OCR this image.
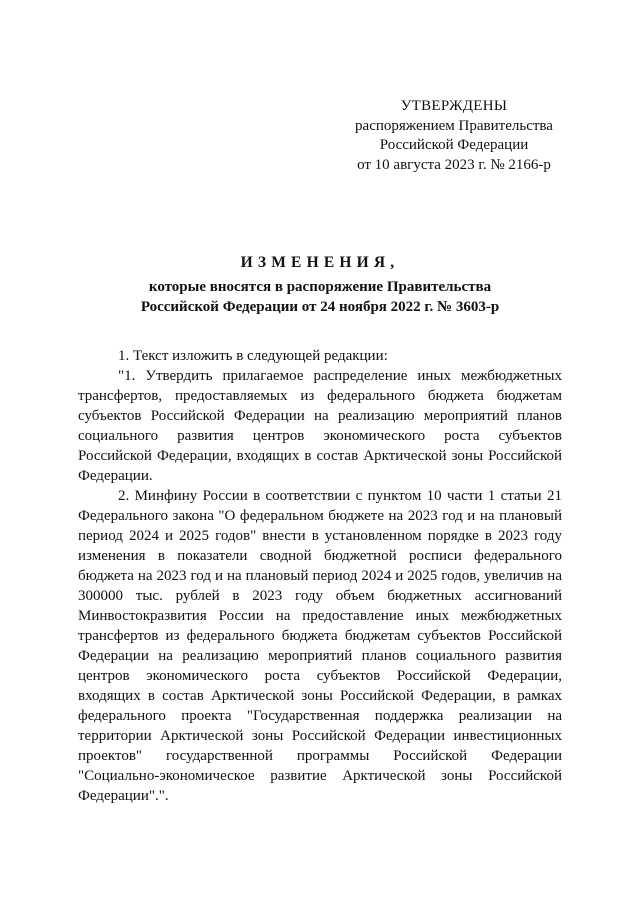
УТВЕРЖДЕНЫ
распоряжением Правительства
Российской Федерации
от 10 августа 2023 г. № 2166-р
ИЗМЕНЕНИЯ,
которые вносятся в распоряжение Правительства
Российской Федерации от 24 ноября 2022 г. № 3603-р

1. Текст изложить в следующей редакции:

"1. Утвердить прилагаемое распределение иных межбюджетных трансфертов, предоставляемых из федерального бюджета бюджетам субъектов Российской Федерации на реализацию мероприятий планов социального развития центров экономического роста субъектов Российской Федерации, входящих в состав Арктической зоны Российской Федерации.

2. Минфину России в соответствии с пунктом 10 части 1 статьи 21 Федерального закона "О федеральном бюджете на 2023 год и на плановый период 2024 и 2025 годов" внести в установленном порядке в 2023 году изменения в показатели сводной бюджетной росписи федерального бюджета на 2023 год и на плановый период 2024 и 2025 годов, увеличив на 300000 тыс. рублей в 2023 году объем бюджетных ассигнований Минвостокразвития России на предоставление иных межбюджетных трансфертов из федерального бюджета бюджетам субъектов Российской Федерации на реализацию мероприятий планов социального развития центров экономического роста субъектов Российской Федерации, входящих в состав Арктической зоны Российской Федерации, в рамках федерального проекта "Государственная поддержка реализации на территории Арктической зоны Российской Федерации инвестиционных проектов" государственной программы Российской Федерации "Социально-экономическое развитие Арктической зоны Российской Федерации".".
